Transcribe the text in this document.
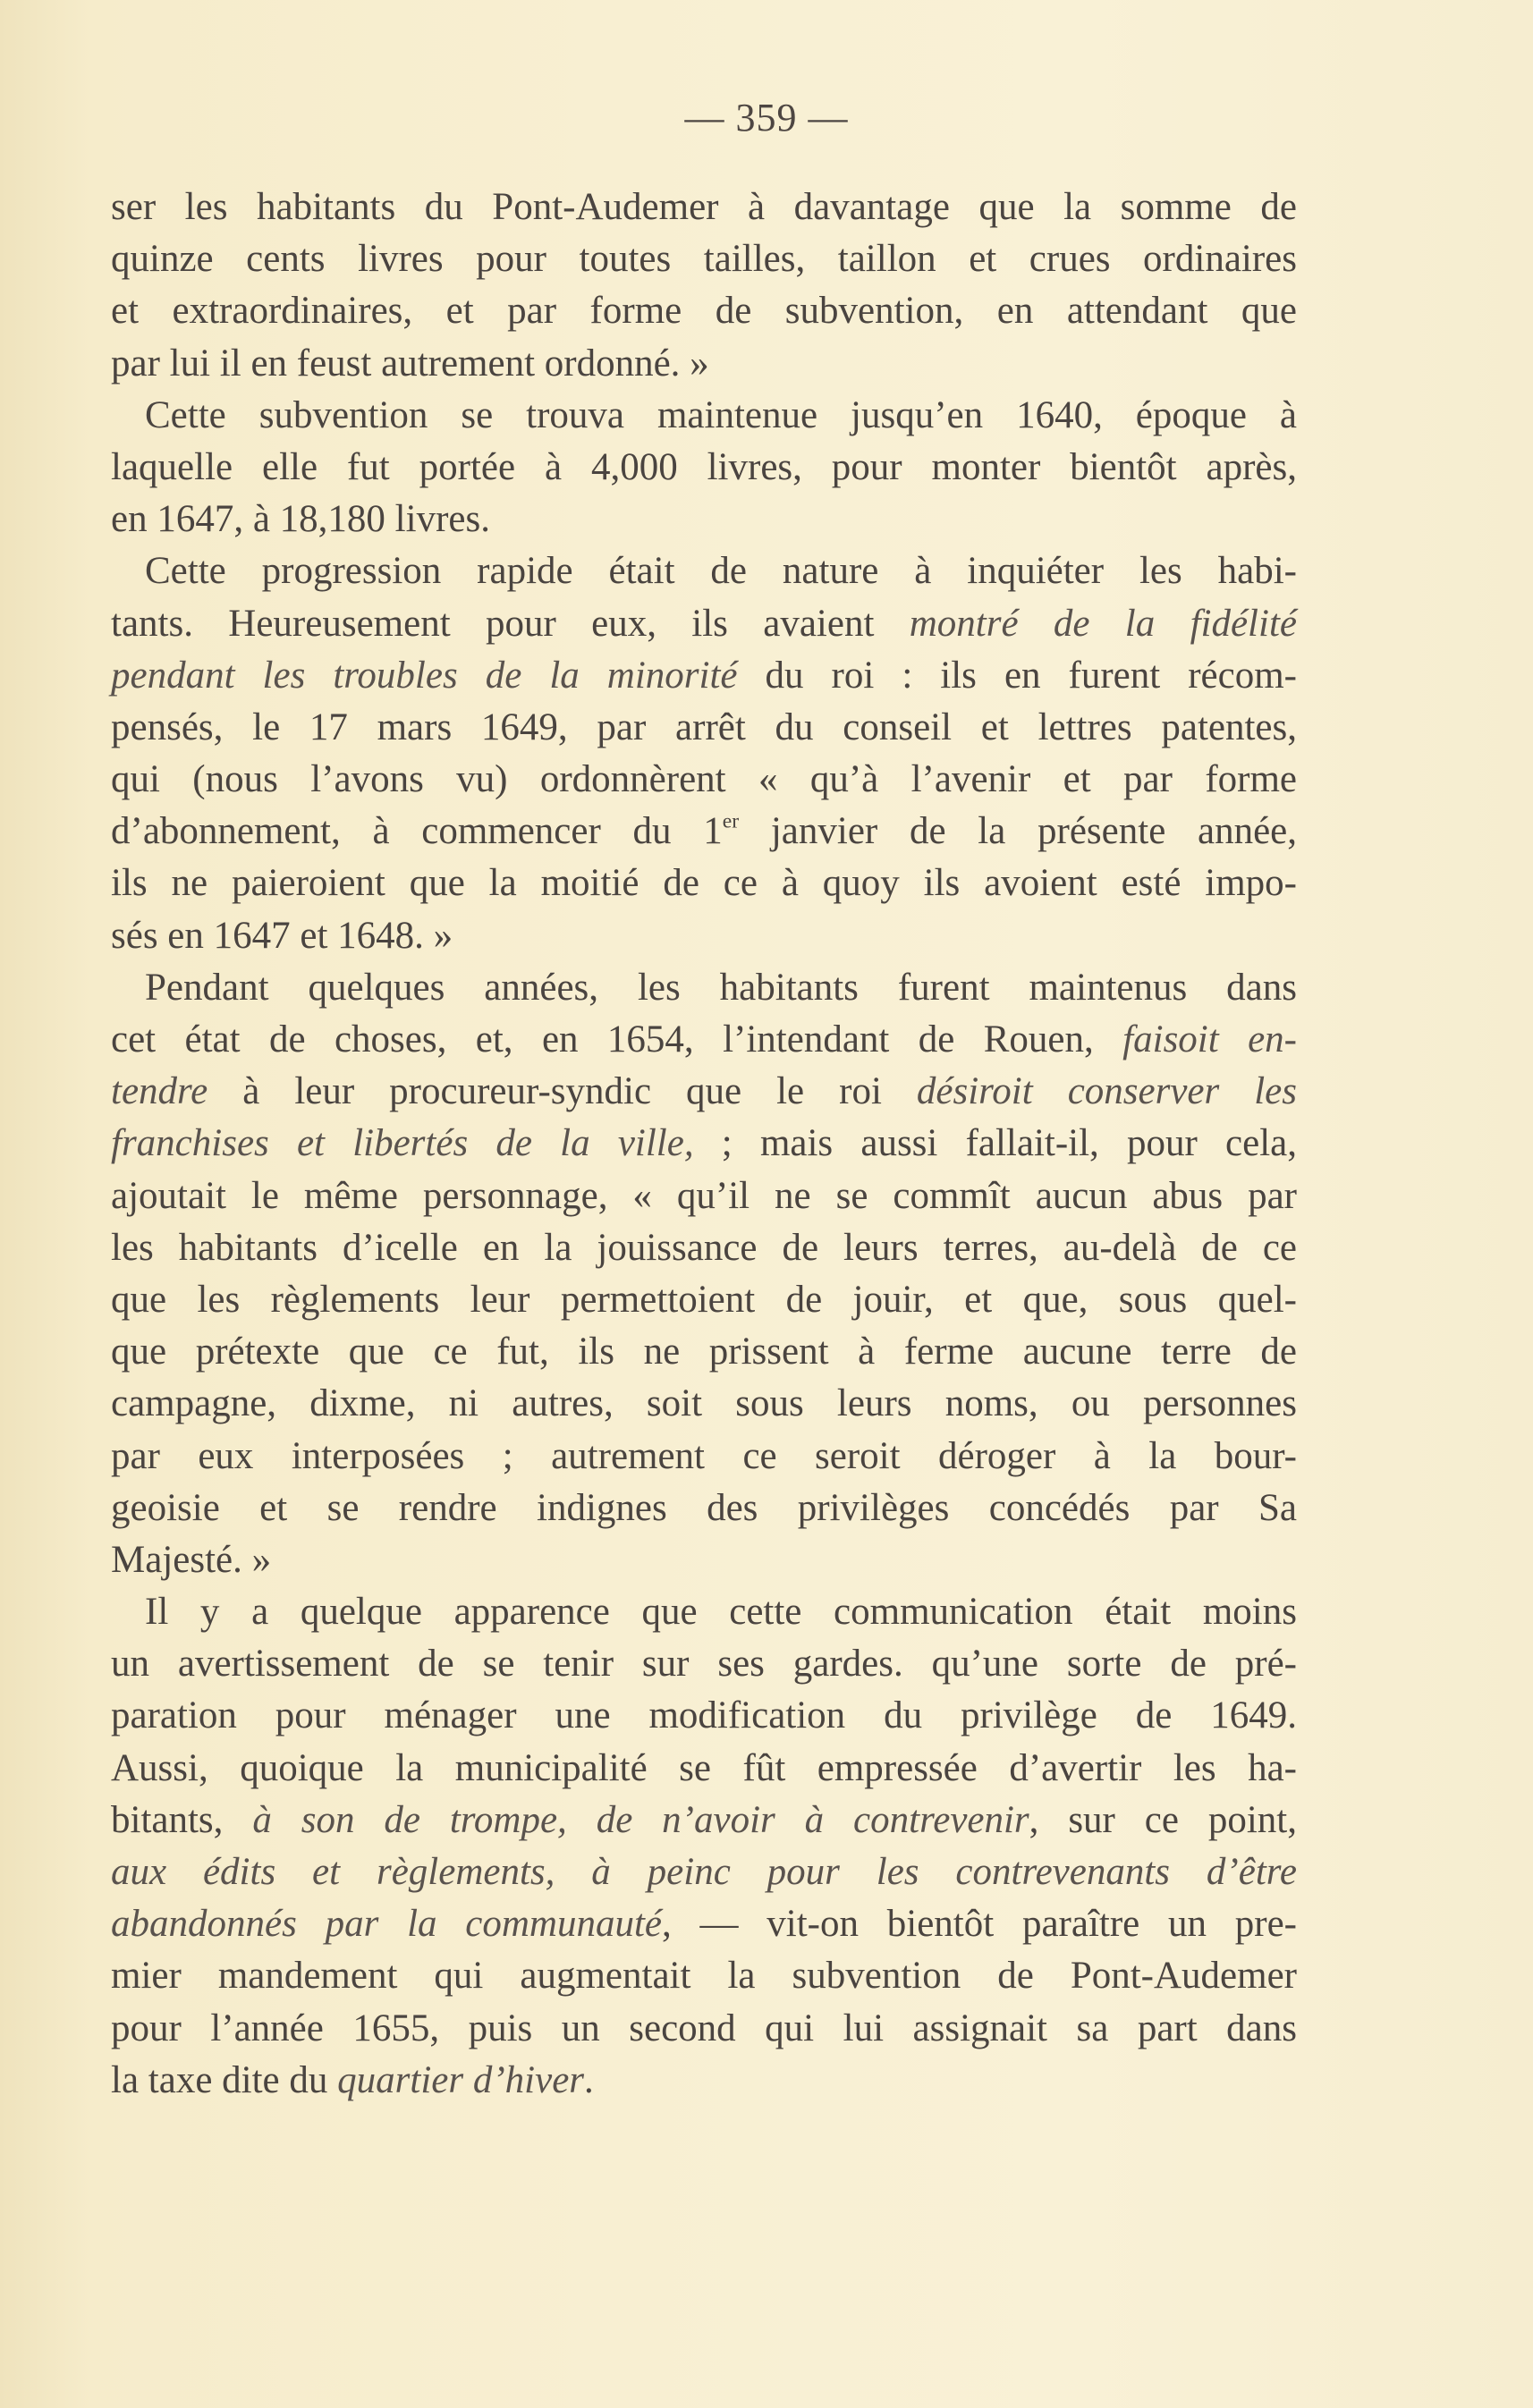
— 359 —
ser les habitants du Pont-Audemer à davantage que la somme de
quinze cents livres pour toutes tailles, taillon et crues ordinaires
et extraordinaires, et par forme de subvention, en attendant que
par lui il en feust autrement ordonné. »
Cette subvention se trouva maintenue jusqu’en 1640, époque à
laquelle elle fut portée à 4,000 livres, pour monter bientôt après,
en 1647, à 18,180 livres.
Cette progression rapide était de nature à inquiéter les habi-
tants. Heureusement pour eux, ils avaient montré de la fidélité
pendant les troubles de la minorité du roi : ils en furent récom-
pensés, le 17 mars 1649, par arrêt du conseil et lettres patentes,
qui (nous l’avons vu) ordonnèrent « qu’à l’avenir et par forme
d’abonnement, à commencer du 1er janvier de la présente année,
ils ne paieroient que la moitié de ce à quoy ils avoient esté impo-
sés en 1647 et 1648. »
Pendant quelques années, les habitants furent maintenus dans
cet état de choses, et, en 1654, l’intendant de Rouen, faisoit en-
tendre à leur procureur-syndic que le roi désiroit conserver les
franchises et libertés de la ville, ; mais aussi fallait-il, pour cela,
ajoutait le même personnage, « qu’il ne se commît aucun abus par
les habitants d’icelle en la jouissance de leurs terres, au-delà de ce
que les règlements leur permettoient de jouir, et que, sous quel-
que prétexte que ce fut, ils ne prissent à ferme aucune terre de
campagne, dixme, ni autres, soit sous leurs noms, ou personnes
par eux interposées ; autrement ce seroit déroger à la bour-
geoisie et se rendre indignes des privilèges concédés par Sa
Majesté. »
Il y a quelque apparence que cette communication était moins
un avertissement de se tenir sur ses gardes. qu’une sorte de pré-
paration pour ménager une modification du privilège de 1649.
Aussi, quoique la municipalité se fût empressée d’avertir les ha-
bitants, à son de trompe, de n’avoir à contrevenir, sur ce point,
aux édits et règlements, à peinc pour les contrevenants d’être
abandonnés par la communauté, — vit-on bientôt paraître un pre-
mier mandement qui augmentait la subvention de Pont-Audemer
pour l’année 1655, puis un second qui lui assignait sa part dans
la taxe dite du quartier d’hiver.
